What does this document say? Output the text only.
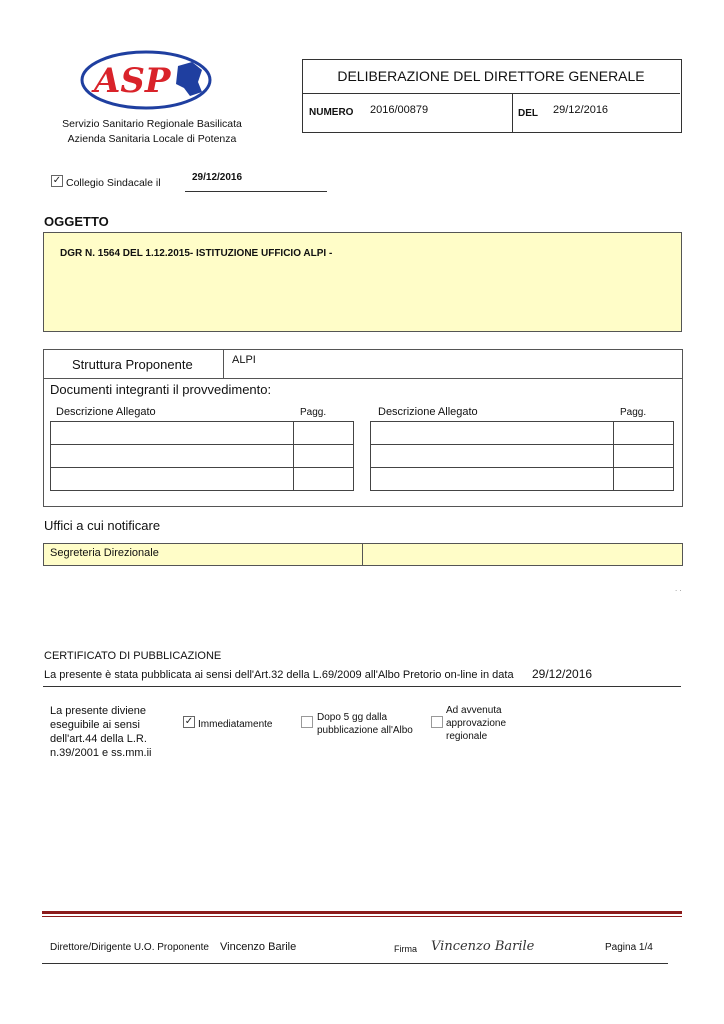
ASP
Servizio Sanitario Regionale Basilicata
Azienda Sanitaria Locale di Potenza
DELIBERAZIONE DEL DIRETTORE GENERALE
NUMERO 2016/00879	DEL 29/12/2016
✓ Collegio Sindacale il	29/12/2016
OGGETTO
DGR N. 1564 DEL 1.12.2015- ISTITUZIONE UFFICIO ALPI -
Struttura Proponente	ALPI
Documenti integranti il provvedimento:
Descrizione Allegato	Pagg.	Descrizione Allegato	Pagg.

Uffici a cui notificare
Segreteria Direzionale
. .
CERTIFICATO DI PUBBLICAZIONE
La presente è stata pubblicata ai sensi dell'Art.32 della L.69/2009 all'Albo Pretorio on-line in data 29/12/2016
La presente diviene eseguibile ai sensi dell'art.44 della L.R. n.39/2001 e ss.mm.ii
✓ Immediatamente
Dopo 5 gg dalla pubblicazione all'Albo
Ad avvenuta approvazione regionale
Direttore/Dirigente U.O. Proponente Vincenzo Barile	Firma Vincenzo Barile	Pagina 1/4
